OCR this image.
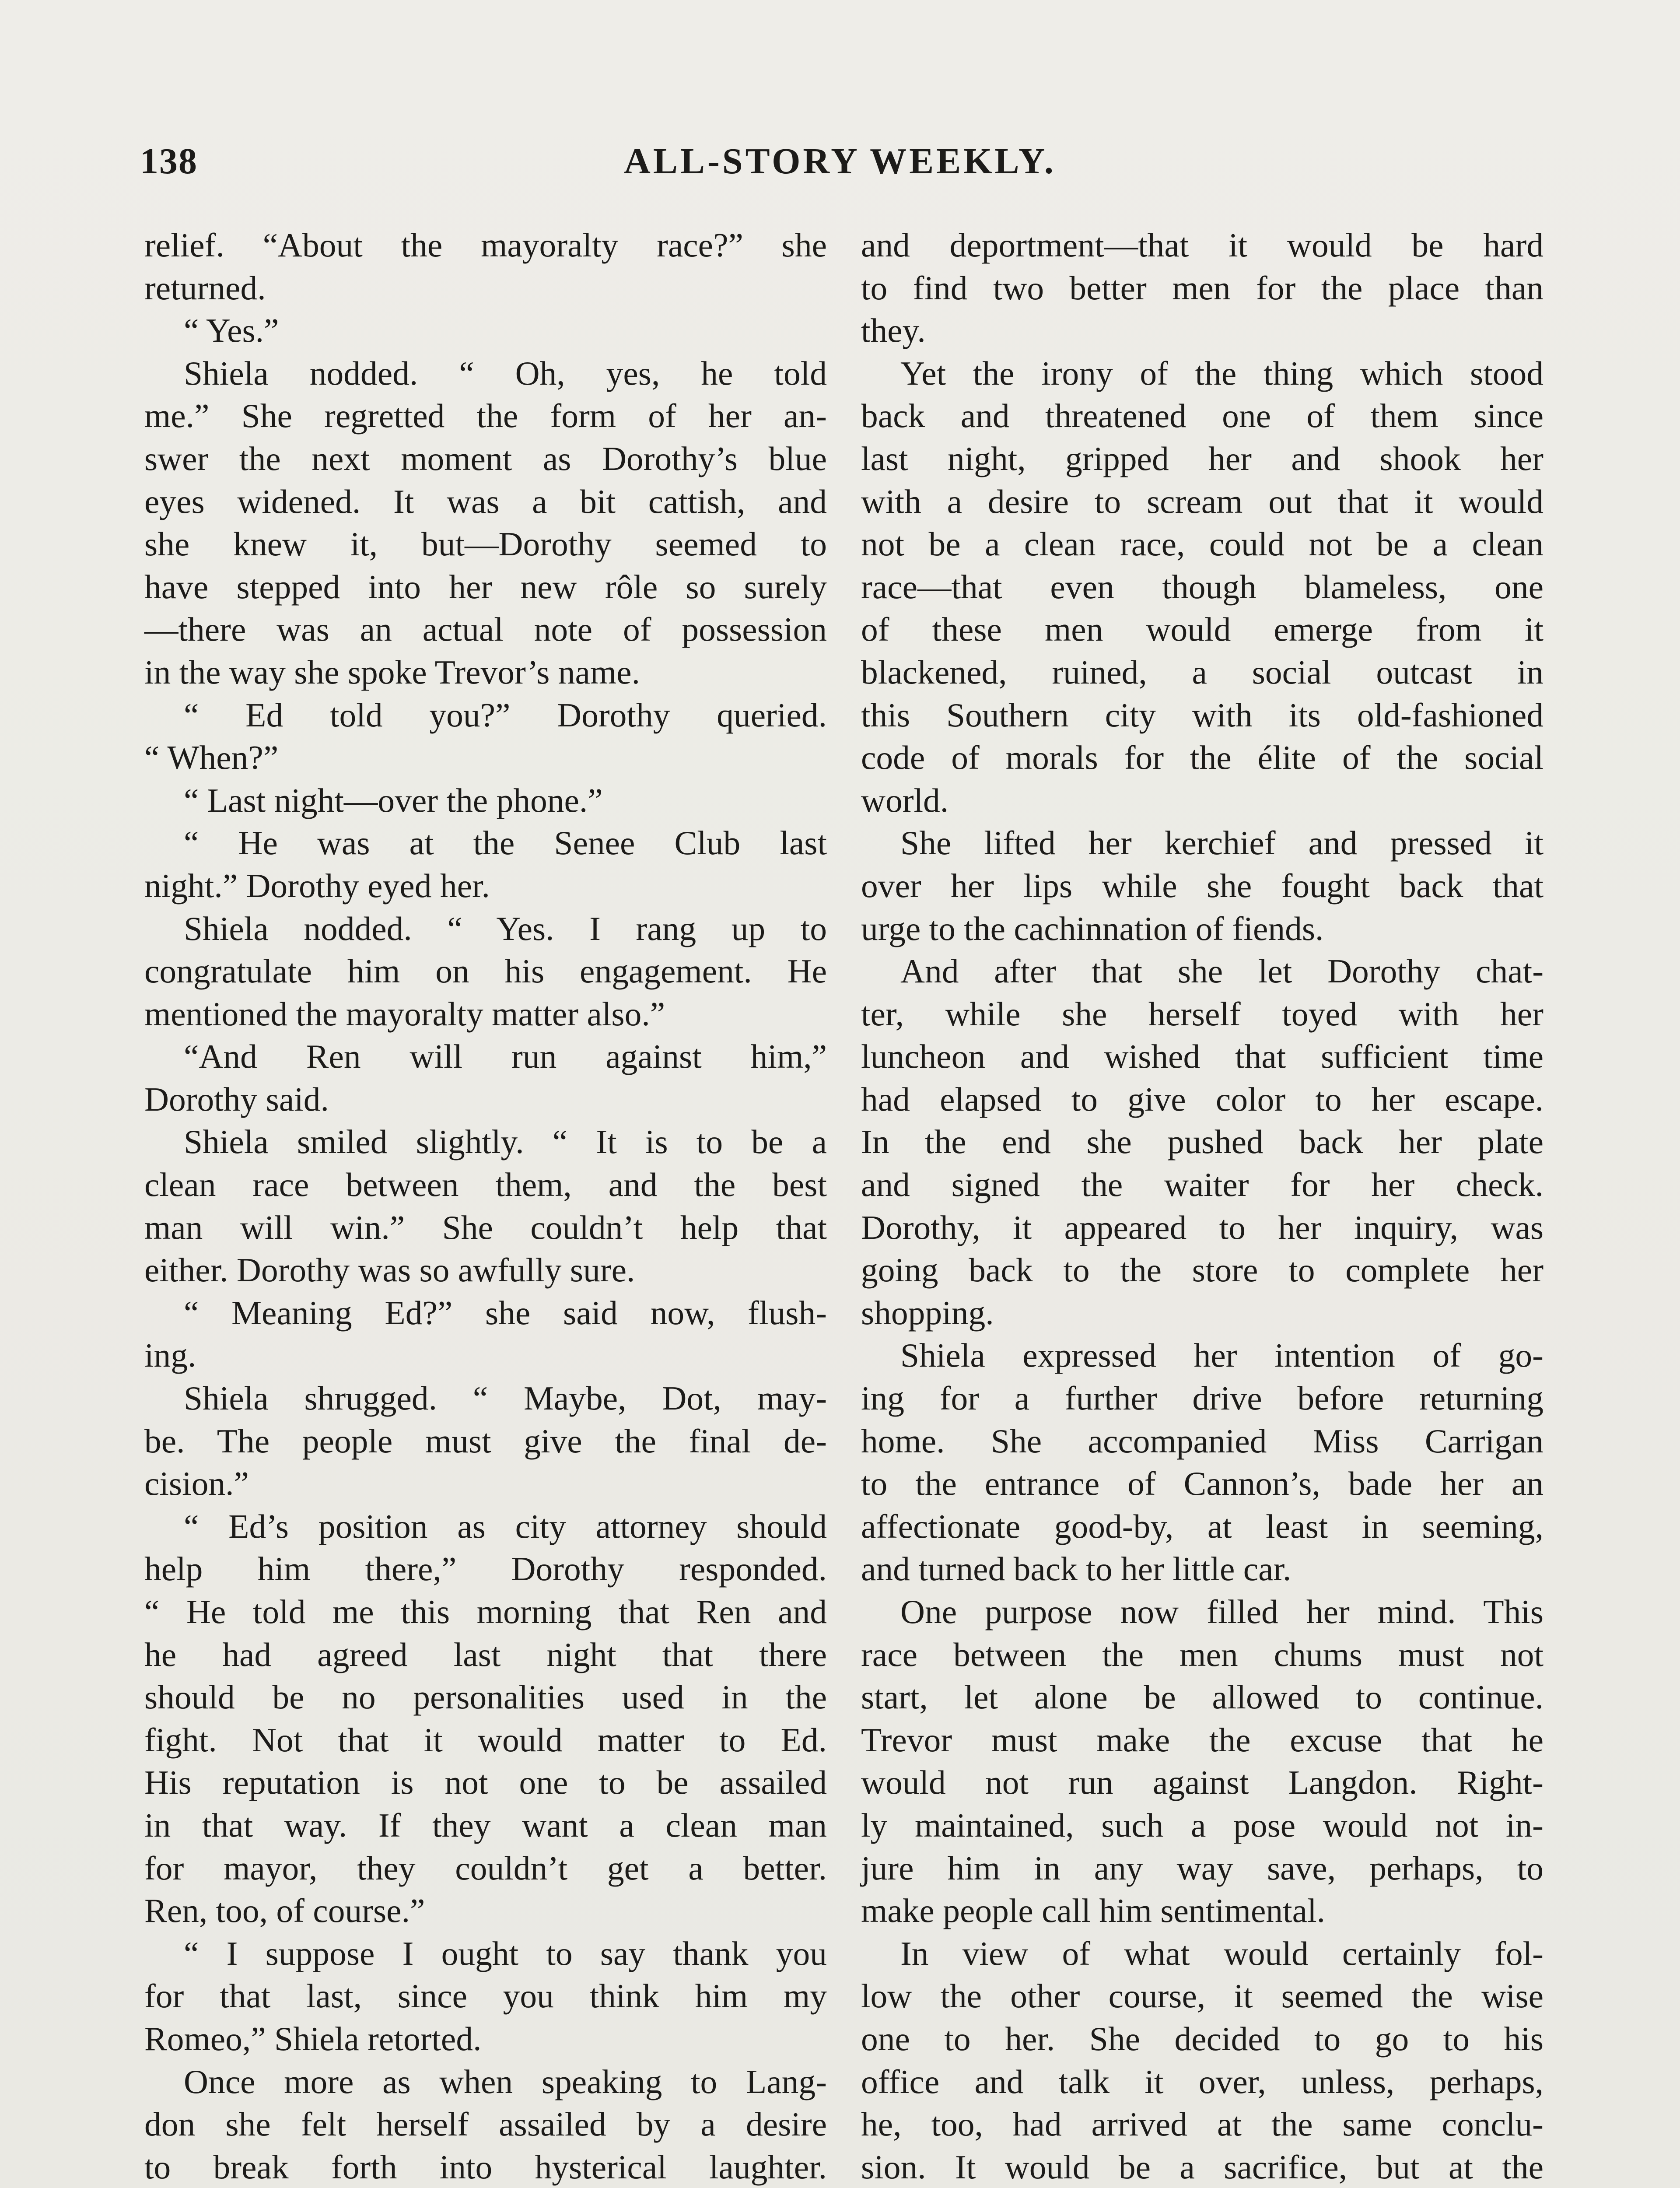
138	ALL-STORY WEEKLY.
relief. “About the mayoralty race?” she
returned.
“ Yes.”
Shiela nodded. “ Oh, yes, he told
me.” She regretted the form of her an-
swer the next moment as Dorothy’s blue
eyes widened. It was a bit cattish, and
she knew it, but—Dorothy seemed to
have stepped into her new rôle so surely
—there was an actual note of possession
in the way she spoke Trevor’s name.
“ Ed told you?” Dorothy queried.
“ When?”
“ Last night—over the phone.”
“ He was at the Senee Club last
night.” Dorothy eyed her.
Shiela nodded. “ Yes. I rang up to
congratulate him on his engagement. He
mentioned the mayoralty matter also.”
“And Ren will run against him,”
Dorothy said.
Shiela smiled slightly. “ It is to be a
clean race between them, and the best
man will win.” She couldn’t help that
either. Dorothy was so awfully sure.
“ Meaning Ed?” she said now, flush-
ing.
Shiela shrugged. “ Maybe, Dot, may-
be. The people must give the final de-
cision.”
“ Ed’s position as city attorney should
help him there,” Dorothy responded.
“ He told me this morning that Ren and
he had agreed last night that there
should be no personalities used in the
fight. Not that it would matter to Ed.
His reputation is not one to be assailed
in that way. If they want a clean man
for mayor, they couldn’t get a better.
Ren, too, of course.”
“ I suppose I ought to say thank you
for that last, since you think him my
Romeo,” Shiela retorted.
Once more as when speaking to Lang-
don she felt herself assailed by a desire
to break forth into hysterical laughter.
and deportment—that it would be hard
to find two better men for the place than
they.
Yet the irony of the thing which stood
back and threatened one of them since
last night, gripped her and shook her
with a desire to scream out that it would
not be a clean race, could not be a clean
race—that even though blameless, one
of these men would emerge from it
blackened, ruined, a social outcast in
this Southern city with its old-fashioned
code of morals for the élite of the social
world.
She lifted her kerchief and pressed it
over her lips while she fought back that
urge to the cachinnation of fiends.
And after that she let Dorothy chat-
ter, while she herself toyed with her
luncheon and wished that sufficient time
had elapsed to give color to her escape.
In the end she pushed back her plate
and signed the waiter for her check.
Dorothy, it appeared to her inquiry, was
going back to the store to complete her
shopping.
Shiela expressed her intention of go-
ing for a further drive before returning
home. She accompanied Miss Carrigan
to the entrance of Cannon’s, bade her an
affectionate good-by, at least in seeming,
and turned back to her little car.
One purpose now filled her mind. This
race between the men chums must not
start, let alone be allowed to continue.
Trevor must make the excuse that he
would not run against Langdon. Right-
ly maintained, such a pose would not in-
jure him in any way save, perhaps, to
make people call him sentimental.
In view of what would certainly fol-
low the other course, it seemed the wise
one to her. She decided to go to his
office and talk it over, unless, perhaps,
he, too, had arrived at the same conclu-
sion. It would be a sacrifice, but at the
